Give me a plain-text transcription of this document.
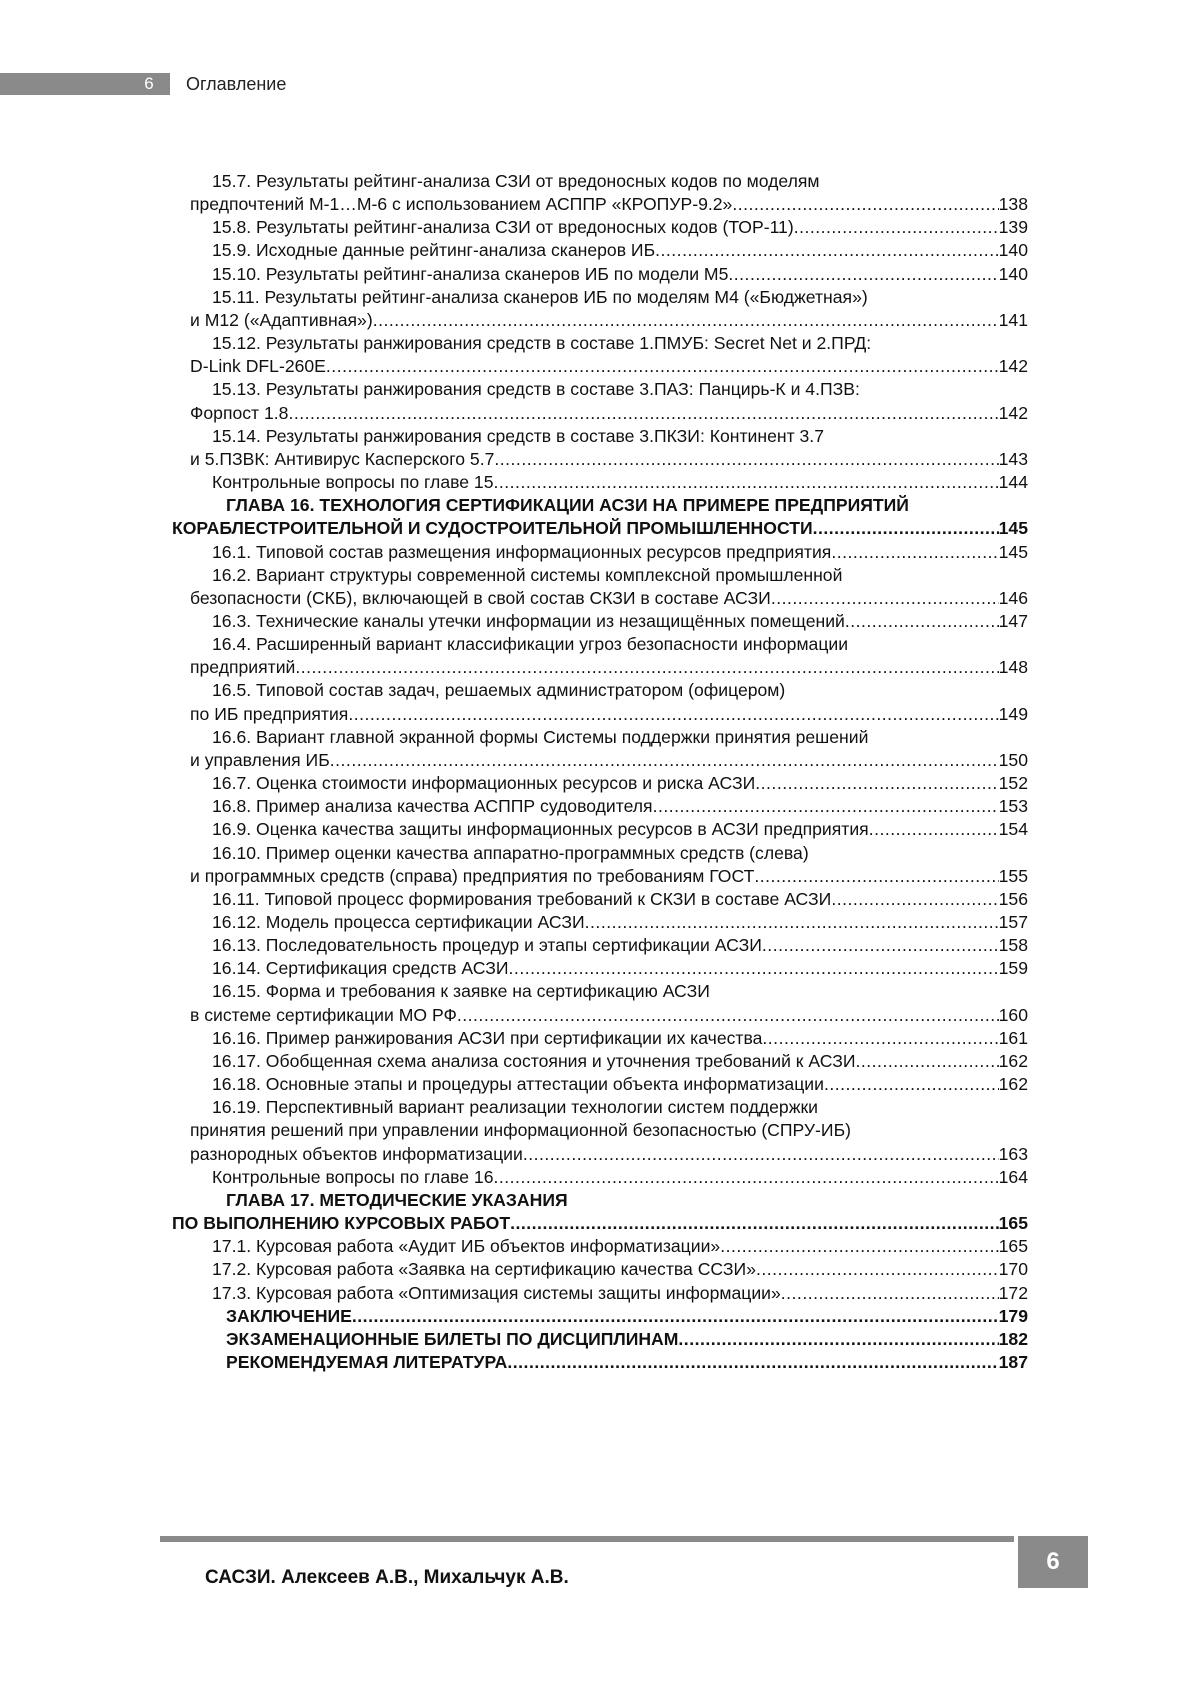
6	Оглавление
15.7. Результаты рейтинг-анализа СЗИ от вредоносных кодов по моделям
предпочтений М-1…М-6 с использованием АСППР «КРОПУР-9.2» .....	138
15.8. Результаты рейтинг-анализа СЗИ от вредоносных кодов (ТОР-11) .....	139
15.9. Исходные данные рейтинг-анализа сканеров ИБ .....	140
15.10. Результаты рейтинг-анализа сканеров ИБ по модели М5 .....	140
15.11. Результаты рейтинг-анализа сканеров ИБ по моделям М4 («Бюджетная»)
и М12 («Адаптивная») .....	141
15.12. Результаты ранжирования средств в составе 1.ПМУБ: Secret Net и 2.ПРД:
D-Link DFL-260E .....	142
15.13. Результаты ранжирования средств в составе 3.ПАЗ: Панцирь-К и 4.ПЗВ:
Форпост 1.8 .....	142
15.14. Результаты ранжирования средств в составе 3.ПКЗИ: Континент 3.7
и 5.ПЗВК: Антивирус Касперского 5.7 .....	143
Контрольные вопросы по главе 15 .....	144
ГЛАВА 16. ТЕХНОЛОГИЯ СЕРТИФИКАЦИИ АСЗИ НА ПРИМЕРЕ ПРЕДПРИЯТИЙ
КОРАБЛЕСТРОИТЕЛЬНОЙ И СУДОСТРОИТЕЛЬНОЙ ПРОМЫШЛЕННОСТИ .....	145
16.1. Типовой состав размещения информационных ресурсов предприятия .....	145
16.2. Вариант структуры современной системы комплексной промышленной
безопасности (СКБ), включающей в свой состав СКЗИ в составе АСЗИ .....	146
16.3. Технические каналы утечки информации из незащищённых помещений .....	147
16.4. Расширенный вариант классификации угроз безопасности информации
предприятий .....	148
16.5. Типовой состав задач, решаемых администратором (офицером)
по ИБ предприятия .....	149
16.6. Вариант главной экранной формы Системы поддержки принятия решений
и управления ИБ .....	150
16.7. Оценка стоимости информационных ресурсов и риска АСЗИ .....	152
16.8. Пример анализа качества АСППР судоводителя .....	153
16.9. Оценка качества защиты информационных ресурсов в АСЗИ предприятия .....	154
16.10. Пример оценки качества аппаратно-программных средств (слева)
и программных средств (справа) предприятия по требованиям ГОСТ .....	155
16.11. Типовой процесс формирования требований к СКЗИ в составе АСЗИ .....	156
16.12. Модель процесса сертификации АСЗИ .....	157
16.13. Последовательность процедур и этапы сертификации АСЗИ .....	158
16.14. Сертификация средств АСЗИ .....	159
16.15. Форма и требования к заявке на сертификацию АСЗИ
в системе сертификации МО РФ .....	160
16.16. Пример ранжирования АСЗИ при сертификации их качества .....	161
16.17. Обобщенная схема анализа состояния и уточнения требований к АСЗИ .....	162
16.18. Основные этапы и процедуры аттестации объекта информатизации .....	162
16.19. Перспективный вариант реализации технологии систем поддержки
принятия решений при управлении информационной безопасностью (СПРУ-ИБ)
разнородных объектов информатизации .....	163
Контрольные вопросы по главе 16 .....	164
ГЛАВА 17. МЕТОДИЧЕСКИЕ УКАЗАНИЯ
ПО ВЫПОЛНЕНИЮ КУРСОВЫХ РАБОТ .....	165
17.1. Курсовая работа «Аудит ИБ объектов информатизации» .....	165
17.2. Курсовая работа «Заявка на сертификацию качества ССЗИ» .....	170
17.3. Курсовая работа «Оптимизация системы защиты информации» .....	172
ЗАКЛЮЧЕНИЕ .....	179
ЭКЗАМЕНАЦИОННЫЕ БИЛЕТЫ ПО ДИСЦИПЛИНАМ .....	182
РЕКОМЕНДУЕМАЯ ЛИТЕРАТУРА .....	187
6
САСЗИ. Алексеев А.В., Михальчук А.В.
